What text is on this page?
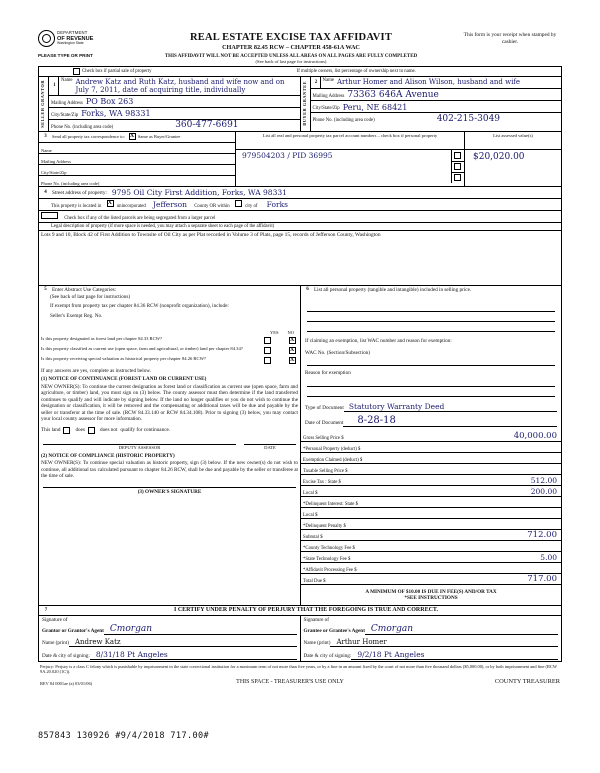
DEPARTMENT
OF REVENUE
Washington State
PLEASE TYPE OR PRINT
REAL ESTATE EXCISE TAX AFFIDAVIT
CHAPTER 82.45 RCW – CHAPTER 458-61A WAC
THIS AFFIDAVIT WILL NOT BE ACCEPTED UNLESS ALL AREAS ON ALL PAGES ARE FULLY COMPLETED
(See back of last page for instructions)
This form is your receipt when stamped by cashier.
Check box if partial sale of property	If multiple owners, list percentage of ownership next to name.
SELLER GRANTOR	1
Name Andrew Katz and Ruth Katz, husband and wife now and on July 7, 2011, date of acquiring title, individually
Mailing Address PO Box 263
City/State/Zip Forks, WA 98331
Phone No. (including area code)	360-477-6691	BUYER GRANTEE	2	Name Arthur Homer and Alison Wilson, husband and wife
Mailing Address 73363 646A Avenue
City/State/Zip Peru, NE 68421
Phone No. (including area code)	402-215-3049
3	Send all property tax correspondence to: X Same as Buyer/Grantee
Name
Mailing Address
City/State/Zip
Phone No. (including area code)
List all real and personal property tax parcel account numbers – check box if personal property
979504203 / PID 36995
List assessed value(s)
$20,020.00
4	Street address of property: 9795 Oil City First Addition, Forks, WA 98331
This property is located in
X
unincorporated Jefferson County OR within	city of Forks
Check box if any of the listed parcels are being segregated from a larger parcel
Legal description of property (if more space is needed, you may attach a separate sheet to each page of the affidavit)
Lots 9 and 10, Block 42 of First Addition to Townsite of Oil City as per Plat recorded in Volume 3 of Plats, page 15, records of Jefferson County, Washington
5	Enter Abstract Use Categories:
(See back of last page for instructions)
If exempt from property tax per chapter 84.36 RCW (nonprofit organization), include:
Seller's Exempt Reg. No.
YES NO
Is this property designated as forest land per chapter 84.33 RCW?	X
Is this property classified as current use (open space, farm and agricultural, or timber) land per chapter 84.34?	X
Is this property receiving special valuation as historical property per chapter 84.26 RCW?	X
If any answers are yes, complete as instructed below.
(1) NOTICE OF CONTINUANCE (FOREST LAND OR CURRENT USE)
NEW OWNER(S): To continue the current designation as forest land or classification as current use (open space, farm and agriculture, or timber) land, you must sign on (3) below. The county assessor must then determine if the land transferred continues to qualify and will indicate by signing below. If the land no longer qualifies or you do not wish to continue the designation or classification, it will be removed and the compensating or additional taxes will be due and payable by the seller or transferor at the time of sale. (RCW 84.33.140 or RCW 84.34.108). Prior to signing (3) below, you may contact your local county assessor for more information.
This land	does	does not qualify for continuance.
DEPUTY ASSESSOR	DATE
(2) NOTICE OF COMPLIANCE (HISTORIC PROPERTY)
NEW OWNER(S): To continue special valuation as historic property, sign (3) below. If the new owner(s) do not wish to continue, all additional tax calculated pursuant to chapter 84.26 RCW, shall be due and payable by the seller or transferee at the time of sale.
(3) OWNER'S SIGNATURE
6	List all personal property (tangible and intangible) included in selling price.
If claiming an exemption, list WAC number and reason for exemption:
WAC No. (Section/Subsection)
Reason for exemption
Type of Document Statutory Warranty Deed
Date of Document	8-28-18
Gross Selling Price $	40,000.00
*Personal Property (deduct) $
Exemption Claimed (deduct) $
Taxable Selling Price $
Excise Tax : State $	512.00
Local $	200.00
*Delinquent Interest: State $
Local $
*Delinquent Penalty $
Subtotal $	712.00
*County Technology Fee $
*State Technology Fee $	5.00
*Affidavit Processing Fee $
Total Due $	717.00
A MINIMUM OF $10.00 IS DUE IN FEE(S) AND/OR TAX
*SEE INSTRUCTIONS
7	I CERTIFY UNDER PENALTY OF PERJURY THAT THE FOREGOING IS TRUE AND CORRECT.
Signature of
Grantor or Grantor's Agent Cmorgan
Name (print) Andrew Katz
Date & city of signing: 8/31/18 Pt Angeles
Signature of
Grantee or Grantee's Agent Cmorgan
Name (print) Arthur Homer
Date & city of signing: 9/2/18 Pt Angeles
Perjury: Perjury is a class C felony which is punishable by imprisonment in the state correctional institution for a maximum term of not more than five years, or by a fine in an amount fixed by the court of not more than five thousand dollars ($5,000.00), or by both imprisonment and fine (RCW 9A.20.020 (1C)).
REV 84 0001ae (a) 03/01/06)	THIS SPACE - TREASURER'S USE ONLY	COUNTY TREASURER
857843 130926 #9/4/2018 717.00#
